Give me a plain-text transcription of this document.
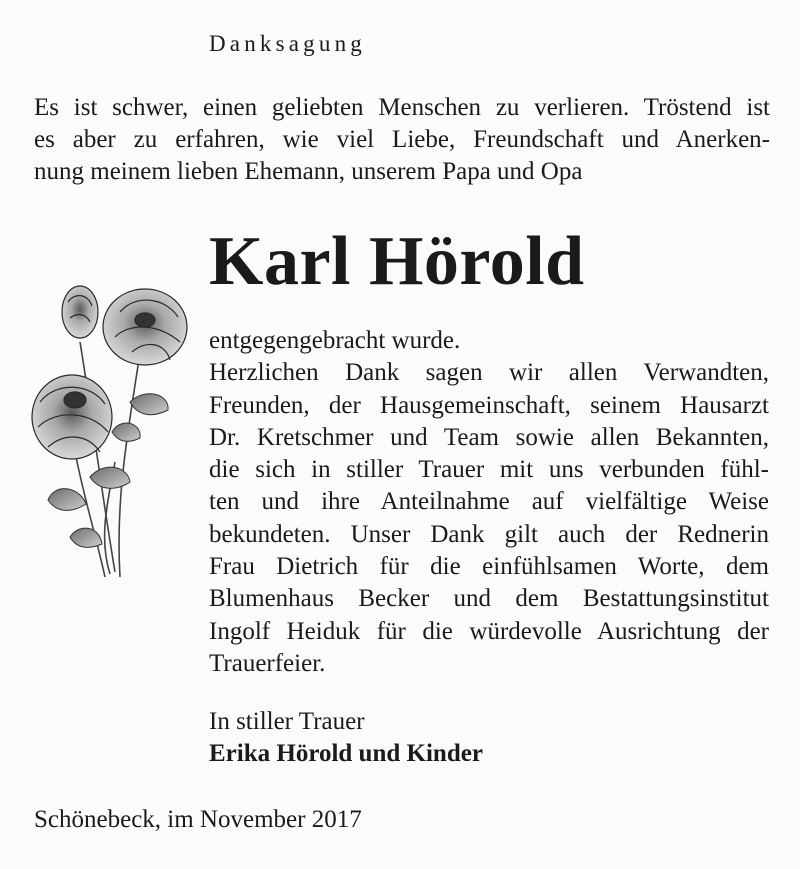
Danksagung
Es ist schwer, einen geliebten Menschen zu verlieren. Tröstend ist
es aber zu erfahren, wie viel Liebe, Freundschaft und Anerken-
nung meinem lieben Ehemann, unserem Papa und Opa
Karl Hörold
entgegengebracht wurde.
Herzlichen Dank sagen wir allen Verwandten,
Freunden, der Hausgemeinschaft, seinem Hausarzt
Dr. Kretschmer und Team sowie allen Bekannten,
die sich in stiller Trauer mit uns verbunden fühl-
ten und ihre Anteilnahme auf vielfältige Weise
bekundeten. Unser Dank gilt auch der Rednerin
Frau Dietrich für die einfühlsamen Worte, dem
Blumenhaus Becker und dem Bestattungsinstitut
Ingolf Heiduk für die würdevolle Ausrichtung der
Trauerfeier.
In stiller Trauer
Erika Hörold und Kinder
Schönebeck, im November 2017
